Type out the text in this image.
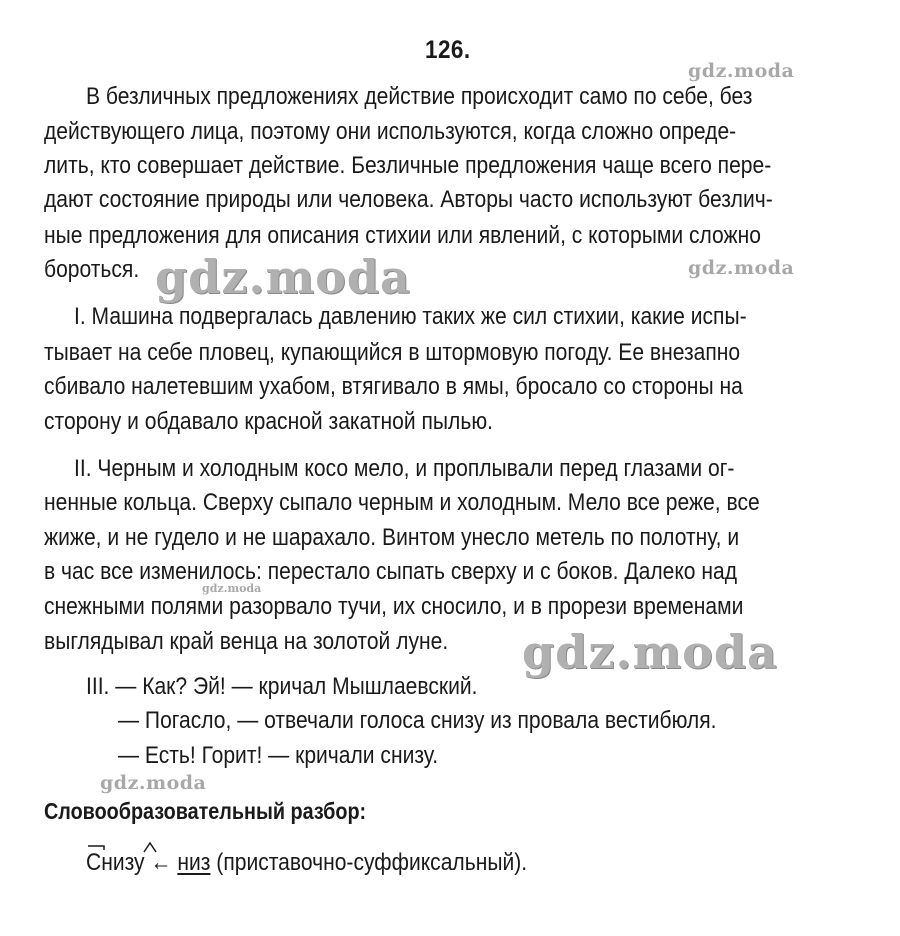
126.
В безличных предложениях действие происходит само по себе, без
действующего лица, поэтому они используются, когда сложно опреде-
лить, кто совершает действие. Безличные предложения чаще всего пере-
дают состояние природы или человека. Авторы часто используют безлич-
ные предложения для описания стихии или явлений, с которыми сложно
бороться.
I. Машина подвергалась давлению таких же сил стихии, какие испы-
тывает на себе пловец, купающийся в штормовую погоду. Ее внезапно
сбивало налетевшим ухабом, втягивало в ямы, бросало со стороны на
сторону и обдавало красной закатной пылью.
II. Черным и холодным косо мело, и проплывали перед глазами ог-
ненные кольца. Сверху сыпало черным и холодным. Мело все реже, все
жиже, и не гудело и не шарахало. Винтом унесло метель по полотну, и
в час все изменилось: перестало сыпать сверху и с боков. Далеко над
снежными полями разорвало тучи, их сносило, и в прорези временами
выглядывал край венца на золотой луне.
III. — Как? Эй! — кричал Мышлаевский.
— Погасло, — отвечали голоса снизу из провала вестибюля.
— Есть! Горит! — кричали снизу.
Словообразовательный разбор:
Снизу ← низ (приставочно-суффиксальный).
gdz.moda
gdz.moda
gdz.moda
gdz.moda
gdz.moda
gdz.moda
